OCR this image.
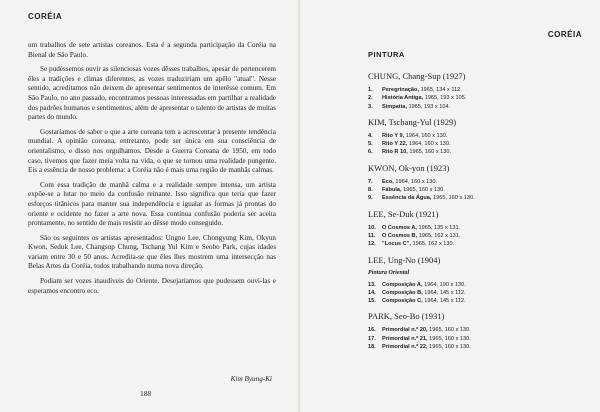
CORÉIA

um trabalhos de sete artistas coreanos. Esta é a segunda participação da Coréia na Bienal de São Paulo.

Se pudéssemos ouvir as silenciosas vozes dêsses trabalhos, apesar de pertencerem êles a tradições e climas diferentes, as vozes traduziriam um apêlo "atual". Nesse sentido, acreditamos não deixem de apresentar sentimentos de interêsse comum. Em São Paulo, no ano passado, encontramos pessoas interessadas em partilhar a realidade dos padrões humanos e sentimentos, além de apresentar o talento de artistas de muitas partes do mundo.

Gostaríamos de saber o que a arte coreana tem a acrescentar à presente tendência mundial. A opinião coreana, entretanto, pode ser única em sua consciência de orientalismo, e disso nos orgulhamos. Desde a Guerra Coreana de 1950, em todo caso, tivemos que fazer meia volta na vida, o que se tornou uma realidade pungente. Eis a essência de nosso problema: a Coréia não é mais uma região de manhãs calmas.

Com essa tradição de manhã calma e a realidade sempre intensa, um artista expõe-se a lutar no meio da confusão reinante. Isso significa que teria que fazer esforços titânicos para manter sua independência e igualar as formas já prontas do oriente e ocidente no fazer a arte nova. Essa contínua confusão poderia ser aceita prontamente, no sentido de mais resistir ao dêsse modo conseguido.

São os seguintes os artistas apresentados: Ungno Lee, Chongyung Kim, Okyun Kwon, Seduk Lee, Changsup Chung, Tschang Yul Kim e Seobo Park, cujas idades variam entre 30 e 50 anos. Acredita-se que êles lhes mostrem uma intersecção nas Belas Artes da Coréia, todos trabalhando numa nova direção.

Podiam ser vozes inaudíveis do Oriente. Desejaríamos que pudessem ouví-las e esperamos encontro eco.

Kim Byung-Ki
188
CORÉIA
PINTURA
CHUNG, Chang-Sup (1927)
1. Peregrinação, 1965, 134 x 112.
2. História Antiga, 1965, 193 x 105.
3. Simpatia, 1965, 193 x 104.
KIM, Tschang-Yul (1929)
4. Rito Y 9, 1964, 160 x 130.
5. Rito Y 22, 1964, 160 x 130.
6. Rito R 10, 1965, 160 x 130.
KWON, Ok-yon (1923)
7. Eco, 1964, 160 x 130.
8. Fábula, 1965, 160 x 130.
9. Essência da Água, 1965, 160 x 130.
LEE, Se-Duk (1921)
10. O Cosmos A, 1965, 135 x 131.
11. O Cosmos B, 1965, 162 x 131.
12. "Locus C", 1965, 162 x 130.
LEE, Ung-No (1904)
Pintura Oriental
13. Composição A, 1964, 190 x 130.
14. Composição B, 1964, 145 x 112.
15. Composição C, 1964, 145 x 112.
PARK, Seo-Bo (1931)
16. Primordial n.º 20, 1965, 160 x 130.
17. Primordial n.º 21, 1965, 160 x 130.
18. Primordial n.º 22, 1965, 160 x 130.
